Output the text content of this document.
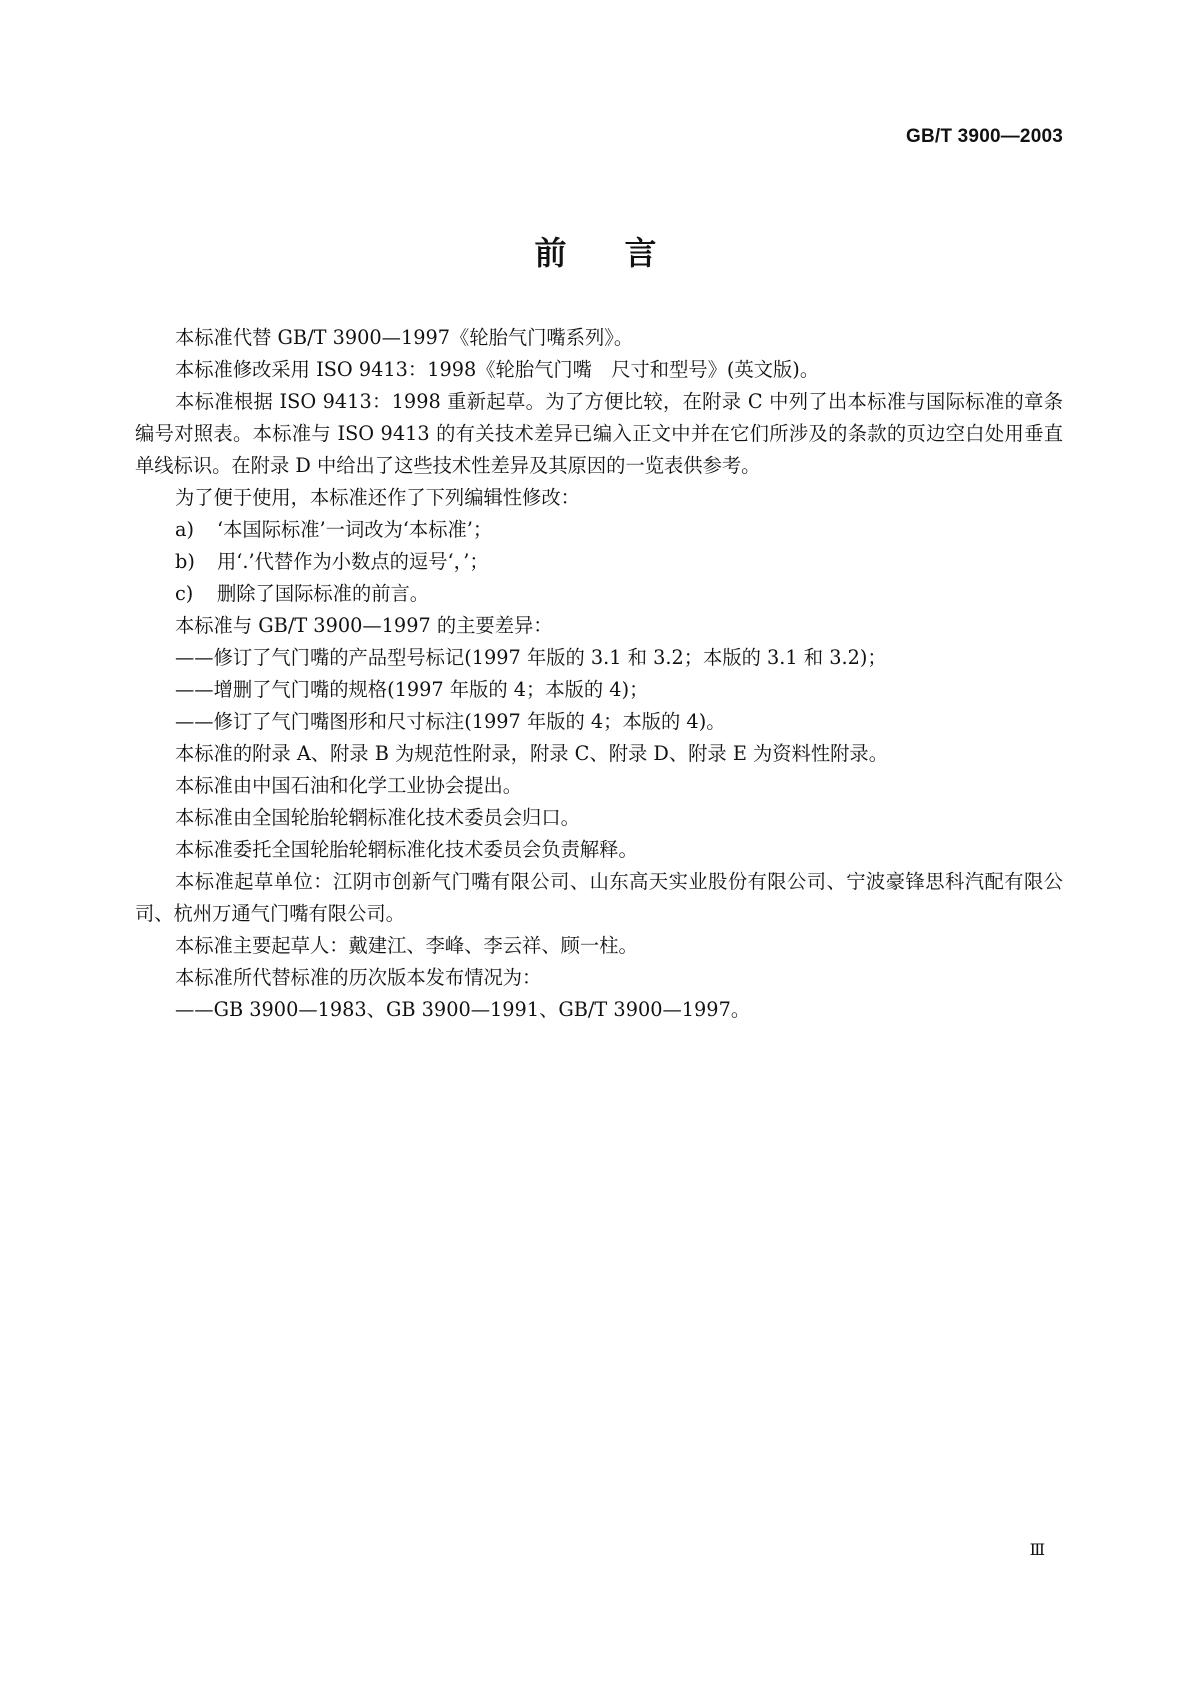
GB/T 3900—2003
前言

本标准代替 GB/T 3900—1997《轮胎气门嘴系列》。

本标准修改采用 ISO 9413：1998《轮胎气门嘴　尺寸和型号》(英文版)。

本标准根据 ISO 9413：1998 重新起草。为了方便比较，在附录 C 中列了出本标准与国际标准的章条编号对照表。本标准与 ISO 9413 的有关技术差异已编入正文中并在它们所涉及的条款的页边空白处用垂直单线标识。在附录 D 中给出了这些技术性差异及其原因的一览表供参考。

为了便于使用，本标准还作了下列编辑性修改：

a) ‘本国际标准’一词改为‘本标准’；

b) 用‘.’代替作为小数点的逗号‘，’；

c) 删除了国际标准的前言。

本标准与 GB/T 3900—1997 的主要差异：

——修订了气门嘴的产品型号标记(1997 年版的 3.1 和 3.2；本版的 3.1 和 3.2)；

——增删了气门嘴的规格(1997 年版的 4；本版的 4)；

——修订了气门嘴图形和尺寸标注(1997 年版的 4；本版的 4)。

本标准的附录 A、附录 B 为规范性附录，附录 C、附录 D、附录 E 为资料性附录。

本标准由中国石油和化学工业协会提出。

本标准由全国轮胎轮辋标准化技术委员会归口。

本标准委托全国轮胎轮辋标准化技术委员会负责解释。

本标准起草单位：江阴市创新气门嘴有限公司、山东高天实业股份有限公司、宁波豪锋思科汽配有限公司、杭州万通气门嘴有限公司。

本标准主要起草人：戴建江、李峰、李云祥、顾一柱。

本标准所代替标准的历次版本发布情况为：

——GB 3900—1983、GB 3900—1991、GB/T 3900—1997。

Ⅲ
